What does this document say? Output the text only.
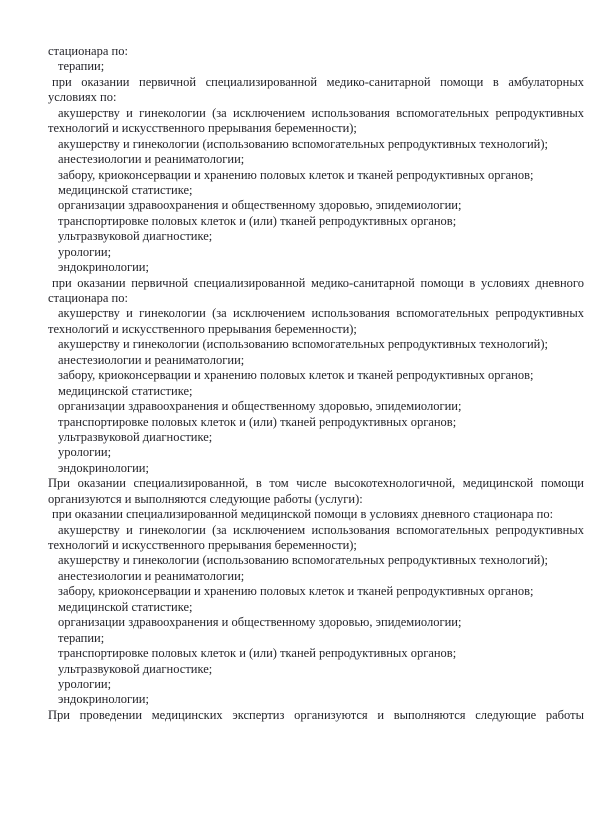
стационара по:
терапии;
при оказании первичной специализированной медико-санитарной помощи в амбулаторных
условиях по:
акушерству и гинекологии (за исключением использования вспомогательных репродуктивных
технологий и искусственного прерывания беременности);
акушерству и гинекологии (использованию вспомогательных репродуктивных технологий);
анестезиологии и реаниматологии;
забору, криоконсервации и хранению половых клеток и тканей репродуктивных органов;
медицинской статистике;
организации здравоохранения и общественному здоровью, эпидемиологии;
транспортировке половых клеток и (или) тканей репродуктивных органов;
ультразвуковой диагностике;
урологии;
эндокринологии;
при оказании первичной специализированной медико-санитарной помощи в условиях дневного
стационара по:
акушерству и гинекологии (за исключением использования вспомогательных репродуктивных
технологий и искусственного прерывания беременности);
акушерству и гинекологии (использованию вспомогательных репродуктивных технологий);
анестезиологии и реаниматологии;
забору, криоконсервации и хранению половых клеток и тканей репродуктивных органов;
медицинской статистике;
организации здравоохранения и общественному здоровью, эпидемиологии;
транспортировке половых клеток и (или) тканей репродуктивных органов;
ультразвуковой диагностике;
урологии;
эндокринологии;
При оказании специализированной, в том числе высокотехнологичной, медицинской помощи
организуются и выполняются следующие работы (услуги):
при оказании специализированной медицинской помощи в условиях дневного стационара по:
акушерству и гинекологии (за исключением использования вспомогательных репродуктивных
технологий и искусственного прерывания беременности);
акушерству и гинекологии (использованию вспомогательных репродуктивных технологий);
анестезиологии и реаниматологии;
забору, криоконсервации и хранению половых клеток и тканей репродуктивных органов;
медицинской статистике;
организации здравоохранения и общественному здоровью, эпидемиологии;
терапии;
транспортировке половых клеток и (или) тканей репродуктивных органов;
ультразвуковой диагностике;
урологии;
эндокринологии;
При проведении медицинских экспертиз организуются и выполняются следующие работы
